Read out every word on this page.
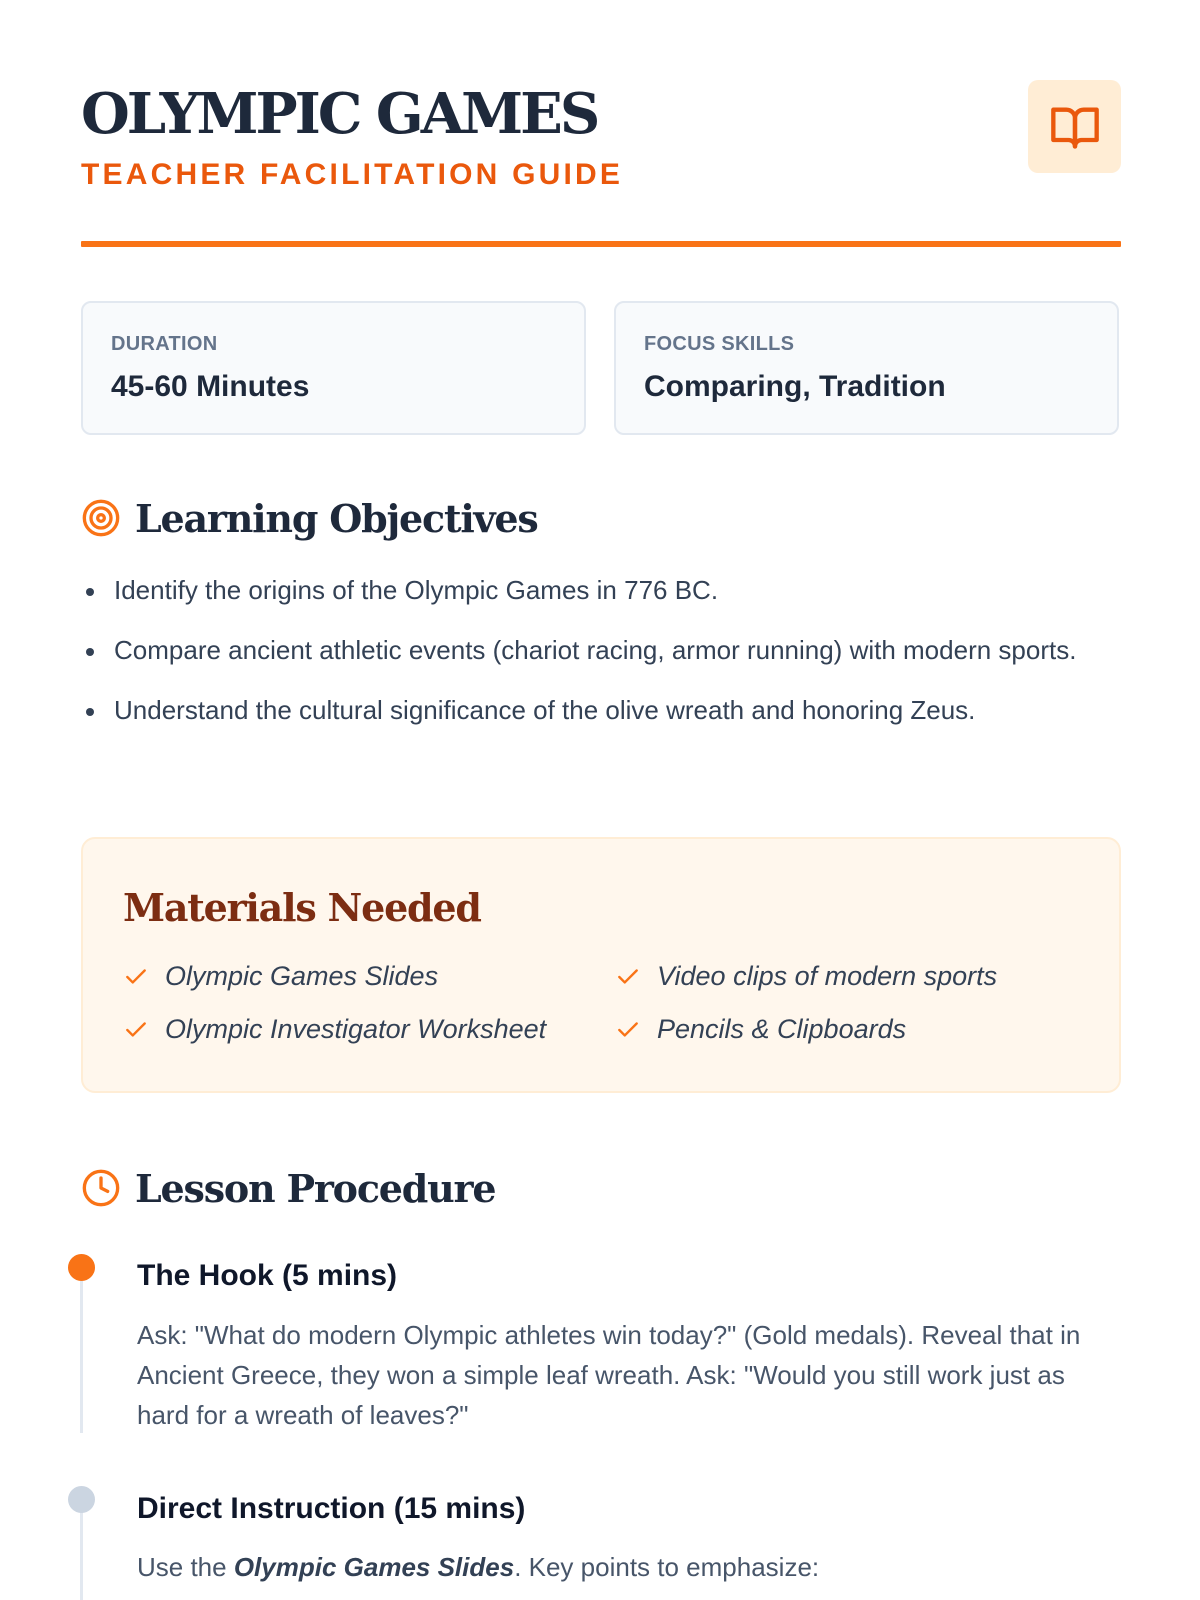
OLYMPIC GAMES
TEACHER FACILITATION GUIDE
DURATION
45-60 Minutes
FOCUS SKILLS
Comparing, Tradition
Learning Objectives
Identify the origins of the Olympic Games in 776 BC.
Compare ancient athletic events (chariot racing, armor running) with modern sports.
Understand the cultural significance of the olive wreath and honoring Zeus.
Materials Needed
Olympic Games Slides	Video clips of modern sports
Olympic Investigator Worksheet	Pencils & Clipboards
Lesson Procedure
The Hook (5 mins)

Ask: "What do modern Olympic athletes win today?" (Gold medals). Reveal that in Ancient Greece, they won a simple leaf wreath. Ask: "Would you still work just as hard for a wreath of leaves?"

Direct Instruction (15 mins)

Use the Olympic Games Slides. Key points to emphasize:
